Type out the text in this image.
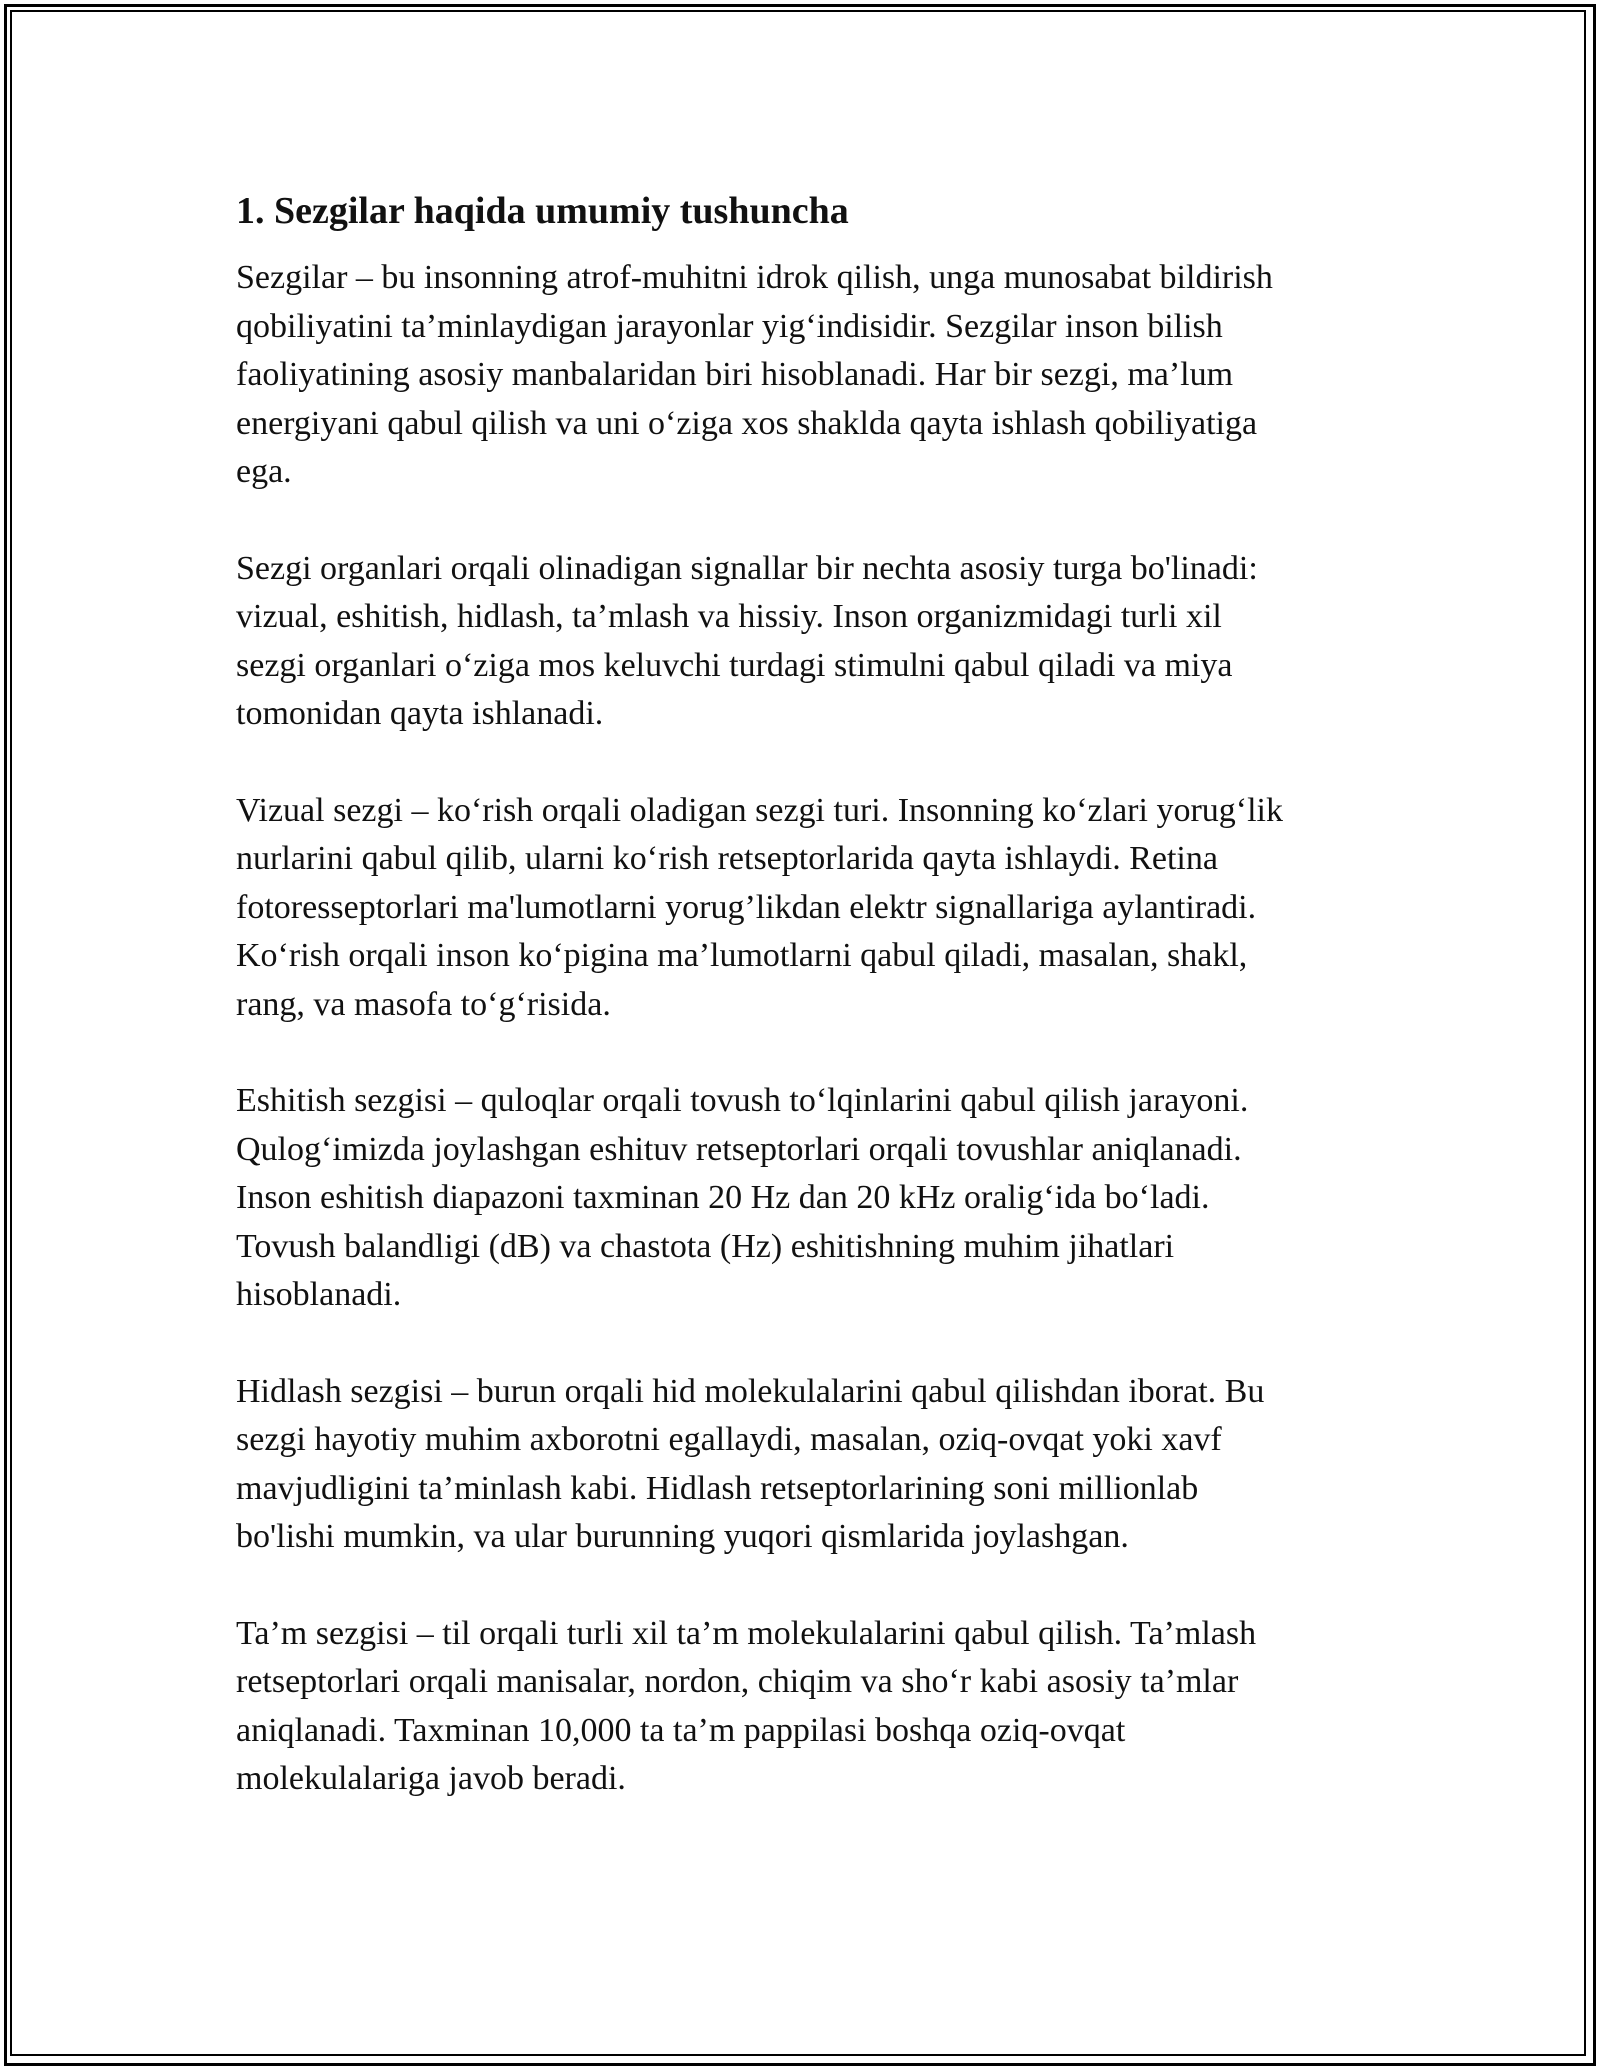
1. Sezgilar haqida umumiy tushuncha
Sezgilar – bu insonning atrof-muhitni idrok qilish, unga munosabat bildirish
qobiliyatini ta’minlaydigan jarayonlar yig‘indisidir. Sezgilar inson bilish
faoliyatining asosiy manbalaridan biri hisoblanadi. Har bir sezgi, ma’lum
energiyani qabul qilish va uni o‘ziga xos shaklda qayta ishlash qobiliyatiga
ega.
Sezgi organlari orqali olinadigan signallar bir nechta asosiy turga bo'linadi:
vizual, eshitish, hidlash, ta’mlash va hissiy. Inson organizmidagi turli xil
sezgi organlari o‘ziga mos keluvchi turdagi stimulni qabul qiladi va miya
tomonidan qayta ishlanadi.
Vizual sezgi – ko‘rish orqali oladigan sezgi turi. Insonning ko‘zlari yorug‘lik
nurlarini qabul qilib, ularni ko‘rish retseptorlarida qayta ishlaydi. Retina
fotoresseptorlari ma'lumotlarni yorug’likdan elektr signallariga aylantiradi.
Ko‘rish orqali inson ko‘pigina ma’lumotlarni qabul qiladi, masalan, shakl,
rang, va masofa to‘g‘risida.
Eshitish sezgisi – quloqlar orqali tovush to‘lqinlarini qabul qilish jarayoni.
Qulog‘imizda joylashgan eshituv retseptorlari orqali tovushlar aniqlanadi.
Inson eshitish diapazoni taxminan 20 Hz dan 20 kHz oralig‘ida bo‘ladi.
Tovush balandligi (dB) va chastota (Hz) eshitishning muhim jihatlari
hisoblanadi.
Hidlash sezgisi – burun orqali hid molekulalarini qabul qilishdan iborat. Bu
sezgi hayotiy muhim axborotni egallaydi, masalan, oziq-ovqat yoki xavf
mavjudligini ta’minlash kabi. Hidlash retseptorlarining soni millionlab
bo'lishi mumkin, va ular burunning yuqori qismlarida joylashgan.
Ta’m sezgisi – til orqali turli xil ta’m molekulalarini qabul qilish. Ta’mlash
retseptorlari orqali manisalar, nordon, chiqim va sho‘r kabi asosiy ta’mlar
aniqlanadi. Taxminan 10,000 ta ta’m pappilasi boshqa oziq-ovqat
molekulalariga javob beradi.
